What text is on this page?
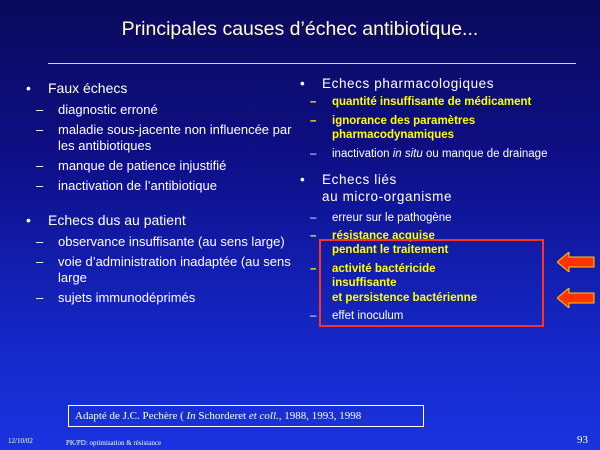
Principales causes d’échec antibiotique...
• Faux échecs
– diagnostic erroné
– maladie sous-jacente non influencée par les antibiotiques
– manque de patience injustifié
– inactivation de l’antibiotique
• Echecs dus au patient
– observance insuffisante (au sens large)
– voie d’administration inadaptée (au sens large
– sujets immunodéprimés
• Echecs pharmacologiques
– quantité insuffisante de médicament
– ignorance des paramètres
pharmacodynamiques
– inactivation in situ ou manque de drainage
• Echecs liés
au micro-organisme
– erreur sur le pathogène
– résistance acquise
pendant le traitement
– activité bactéricide
insuffisante
et persistence bactérienne
– effet inoculum
Adapté de J.C. Pechère ( In Schorderet et coll., 1988, 1993, 1998
12/10/02	PK/PD: optimisation & résistance	93
